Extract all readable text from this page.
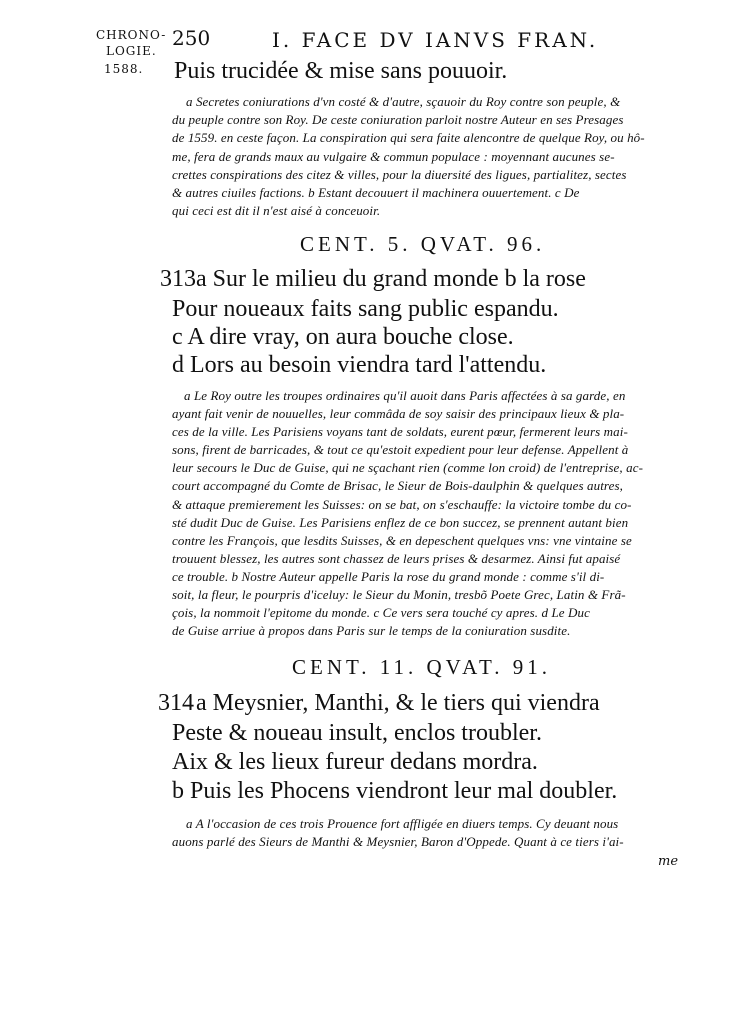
CHRONO-
LOGIE.
250	I. FACE DV IANVS FRAN.
1588. Puis trucidée & mise sans pouuoir.
a Secretes coniurations d'vn costé & d'autre, sçauoir du Roy contre son peuple, &
du peuple contre son Roy. De ceste coniuration parloit nostre Auteur en ses Presages
de 1559. en ceste façon. La conspiration qui sera faite alencontre de quelque Roy, ou hô-
me, fera de grands maux au vulgaire & commun populace : moyennant aucunes se-
crettes conspirations des citez & villes, pour la diuersité des ligues, partialitez, sectes
& autres ciuiles factions. b Estant decouuert il machinera ouuertement. c De
qui ceci est dit il n'est aisé à conceuoir.
CENT. 5. QVAT. 96.
313 a Sur le milieu du grand monde b la rose
Pour noueaux faits sang public espandu.
c A dire vray, on aura bouche close.
d Lors au besoin viendra tard l'attendu.
a Le Roy outre les troupes ordinaires qu'il auoit dans Paris affectées à sa garde, en
ayant fait venir de nouuelles, leur commâda de soy saisir des principaux lieux & pla-
ces de la ville. Les Parisiens voyans tant de soldats, eurent pœur, fermerent leurs mai-
sons, firent de barricades, & tout ce qu'estoit expedient pour leur defense. Appellent à
leur secours le Duc de Guise, qui ne sçachant rien (comme lon croid) de l'entreprise, ac-
court accompagné du Comte de Brisac, le Sieur de Bois-daulphin & quelques autres,
& attaque premierement les Suisses: on se bat, on s'eschauffe: la victoire tombe du co-
sté dudit Duc de Guise. Les Parisiens enflez de ce bon succez, se prennent autant bien
contre les François, que lesdits Suisses, & en depeschent quelques vns: vne vintaine se
trouuent blessez, les autres sont chassez de leurs prises & desarmez. Ainsi fut apaisé
ce trouble. b Nostre Auteur appelle Paris la rose du grand monde : comme s'il di-
soit, la fleur, le pourpris d'iceluy: le Sieur du Monin, tresbõ Poete Grec, Latin & Frã-
çois, la nommoit l'epitome du monde. c Ce vers sera touché cy apres. d Le Duc
de Guise arriue à propos dans Paris sur le temps de la coniuration susdite.
CENT. 11. QVAT. 91.
314 a Meysnier, Manthi, & le tiers qui viendra
Peste & noueau insult, enclos troubler.
Aix & les lieux fureur dedans mordra.
b Puis les Phocens viendront leur mal doubler.
a A l'occasion de ces trois Prouence fort affligée en diuers temps. Cy deuant nous
auons parlé des Sieurs de Manthi & Meysnier, Baron d'Oppede. Quant à ce tiers i'ai-
me
